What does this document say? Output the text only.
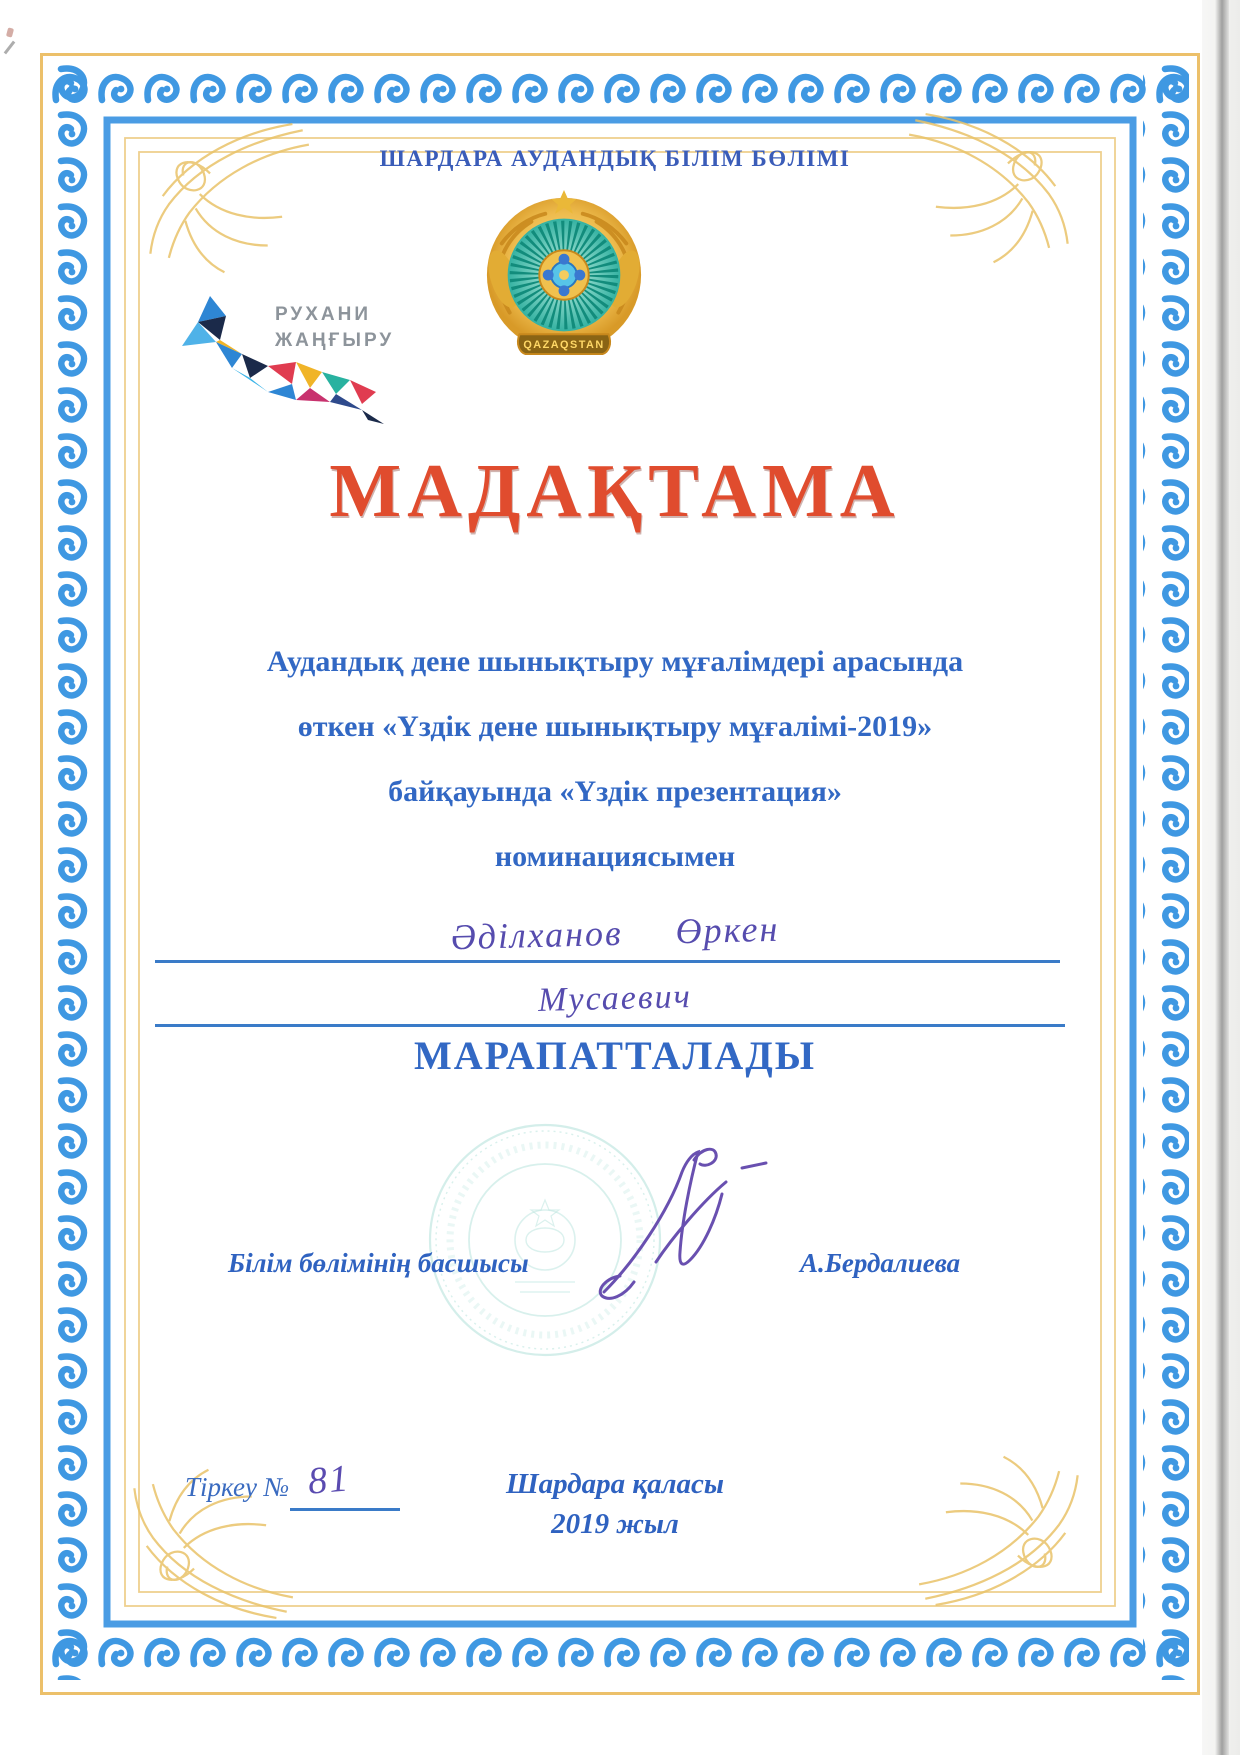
ШАРДАРА АУДАНДЫҚ БІЛІМ БӨЛІМІ
QAZAQSTAN
РУХАНИ
ЖАҢҒЫРУ
МАДАҚТАМА
Аудандық дене шынықтыру мұғалімдері арасында
өткен «Үздік дене шынықтыру мұғалімі-2019»
байқауында «Үздік презентация»
номинациясымен
Әділханов Өркен
Мусаевич
МАРАПАТТАЛАДЫ
Білім бөлімінің басшысы	А.Бердалиева
Тіркеу № 81	Шардара қаласы
2019 жыл
